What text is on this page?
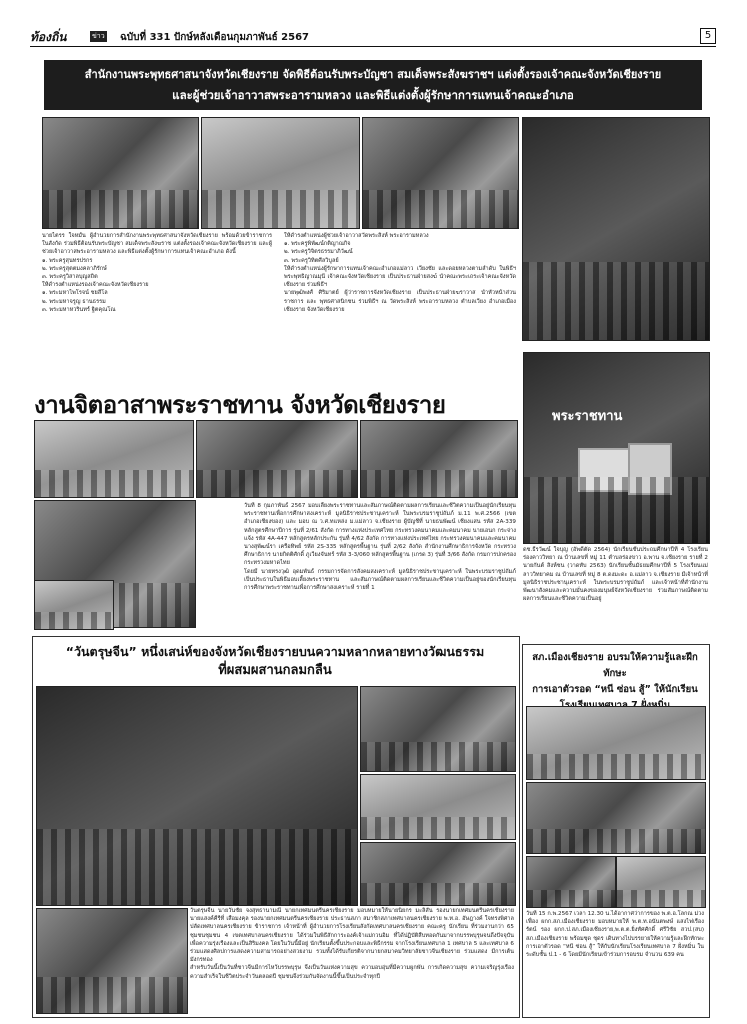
ท้องถิ่น	ข่าว ฉบับที่ 331 ปักษ์หลังเดือนกุมภาพันธ์ 2567	5
สำนักงานพระพุทธศาสนาจังหวัดเชียงราย จัดพิธีต้อนรับพระบัญชา สมเด็จพระสังฆราชฯ แต่งตั้งรองเจ้าคณะจังหวัดเชียงราย
และผู้ช่วยเจ้าอาวาสพระอารามหลวง และพิธีแต่งตั้งผู้รักษาการแทนเจ้าคณะอำเภอ

นายไตรร ใจหมั้น ผู้อำนวยการสำนักงานพระพุทธศาสนาจังหวัดเชียงราย พร้อมด้วยข้าราชการในสังกัด ร่วมพิธีต้อนรับพระบัญชา สมเด็จพระสังฆราช แต่งตั้งรองเจ้าคณะจังหวัดเชียงราย และผู้ช่วยเจ้าอาวาสพระอารามหลวง และพิธีแต่งตั้งผู้รักษาการแทนเจ้าคณะอำเภอ ดังนี้

๑. พระครูสุนทรปรกร
๒. พระครูสุตตมงคลาภิรักษ์
๓. พระครูวิสาลบุญสถิต

ให้ดำรงตำแหน่งรองเจ้าคณะจังหวัดเชียงราย

๑. พระมหาไพโรจน์ ชยสีโล
๒. พระมหาจรูญ ธานธรรม
๓. พระมหาหวรินทร์ ฐิตคุณโณ

ให้ดำรงตำแหน่งผู้ช่วยเจ้าอาวาสวัดพระสิงห์ พระอารามหลวง

๑. พระครูพิพัฒน์กติญาณกิจ
๒. พระครูวิจิตรธรรมาภิวัฒน์
๓. พระครูวิทิตศีลวิบูลย์

ให้ดำรงตำแหน่งผู้รักษาการแทนเจ้าคณะอำเภอแม่ลาว เวียงชัย และดอยหลวงตามลำดับ ในพิธีฯ พระพุทธิญาณมุนี เจ้าคณะจังหวัดเชียงราย เป็นประธานฝ่ายสงฆ์ นำคณะพระเถระเจ้าคณะจังหวัดเชียงราย ร่วมพิธีฯ

นายพุฒิพงศ์ ศิริมาตย์ ผู้ว่าราชการจังหวัดเชียงราย เป็นประธานฝ่ายฆราวาส นำหัวหน้าส่วนราชการ และ พุทธศาสนิกชน ร่วมพิธีฯ ณ วัดพระสิงห์ พระอารามหลวง ตำบลเวียง อำเภอเมืองเชียงราย จังหวัดเชียงราย

งานจิตอาสาพระราชทาน จังหวัดเชียงราย	พระราชทาน

วันที่ 8 กุมภาพันธ์ 2567 มอบเลี้ยงพระราชทานและสัมภาษณ์ติดตามผลการเรียนและชีวิตความเป็นอยู่นักเรียนทุนพระราชทานเพื่อการศึกษาสงเคราะห์ มูลนิธิราชประชานุเคราะห์ ในพระบรมราชูปถัมภ์ ม.11 พ.ศ.2566 (เขตอำเภอเชียงของ) และ มอบ ณ ว.ศ.ทแหล่ง ม.แม่ลาว จ.เชียงราย ผู้บัญชีที่ นายธนพัฒน์ เชียงแสน รหัส 2A-339 หลักสูตรศึกษาปีการ รุ่นที่ 2/61 สังกัด การทางแห่งประเทศไทย กระทรวงคมนาคมและคมนาคม นายเอนก กระจ่างแจ้ง รหัส 4A-447 หลักสูตรหลักประกัน รุ่นที่ 4/62 สังกัด การทางแห่งประเทศไทย กระทรวงคมนาคมและคมนาคม นางสุพัฒน์รา เครือทิพย์ รหัส 2S-335 หลักสูตรพื้นฐาน รุ่นที่ 2/62 สังกัด สำนักงานศึกษาธิการจังหวัด กระทรวงศึกษาธิการ นายกิตติศักดิ์ ภูเวียงจันทร์ รหัส 3-3/060 หลักสูตรพื้นฐาน (เกรด 3) รุ่นที่ 3/66 สังกัด กรมการปกครอง กระทรวงมหาดไทย

โดยมี นายทรงวุฒิ อุดมพันธ์ กรรมการจัดการสังคมสงเคราะห์ มูลนิธิราชประชานุเคราะห์ ในพระบรมราชูปถัมภ์ เป็นประธานในพิธีมอบเลี้ยงพระราชทาน และสัมภาษณ์ติดตามผลการเรียนและชีวิตความเป็นอยู่ของนักเรียนทุนการศึกษาพระราชทานเพื่อการศึกษาสงเคราะห์ รายที่ 1

ดช.ธีรวัฒน์ ใจบุญ (อัพดีตัด 2564) นักเรียนชั้นประถมศึกษาปีที่ 4 โรงเรียนร่องคาววิทยา ณ บ้านเลขที่ หมู่ 11 ตำบลร่องขาว อ.พาน จ.เชียงราย รายที่ 2 นายกันต์ สิงห์ชน (วาดทับ 2563) นักเรียนชั้นมัธยมศึกษาปีที่ 5 โรงเรียนแม่ลาววิทยาคม ณ บ้านเลขที่ หมู่ 8 ต.ดงมะดะ อ.แม่ลาว จ.เชียงราย มีเจ้าหน้าที่มูลนิธิราชประชานุเคราะห์ ในพระบรมราชูปถัมภ์ และเจ้าหน้าที่สำนักงานพัฒนาสังคมและความมั่นคงของมนุษย์จังหวัดเชียงราย ร่วมสัมภาษณ์ติดตามผลการเรียนและชีวิตความเป็นอยู่

“วันตรุษจีน” หนึ่งเสน่ห์ของจังหวัดเชียงรายบนความหลากหลายทางวัฒนธรรม
ที่ผสมผสานกลมกลืน

วันตรุษจีน นายวันชัย จงสุทธานามณี นายกเทศมนตรีนครเชียงราย มอบหมายให้นายนิยกร มะลิสัน รองนายกเทศมนตรีนครเชียงราย นายแสงค์คีรีที่ เสือมงคุล รองนายกเทศมนตรีนครเชียงราย ประธานสภา สมาชิกสภาเทศบาลนครเชียงราย พ.ท.อ. อัษฎางค์ ใจทรงพิศาล ปลัดเทศบาลนครเชียงราย ข้าราชการ เจ้าหน้าที่ ผู้อำนวยการโรงเรียนสังกัดเทศบาลนครเชียงราย คณะครู นักเรียน ที่ร่วมงานกว่า 65 ชุมชนชุมชน 4 เขตเทศบาลนครเชียงราย ได้ร่วมในพิธีสักการะองค์เจ้าแม่กวนอิม ที่ได้ปฏิบัติสืบทอดกันมาจากบรรพบุรุษจนถึงปัจจุบัน เพื่อความรุ่งเรืองและเป็นสิริมงคล โดยในวันนี้มีอยู่ นักเรียนตั้งขึ้นประกอบและพิธีกรรม จากโรงเรียนเทศบาล 1 เทศบาล 5 และเทศบาล 6 ร่วมแสดงศิลปการแสดงความสามารถอย่างสวยงาม รวมทั้งได้รับเกียรติจากนายกสมาคมวิทยาลัยชาวจีนเชียงราย ร่วมแสดง มีการเต้น มังกรทอง

สำหรับวันนี้เป็นวันที่ชาวจีนมีการไหว้บรรพบุรุษ จึงเป็นวันแห่งความสุข ความอบอุ่นที่มีความผูกพัน การเกิดความสุข ความเจริญรุ่งเรือง ความสำเร็จในชีวิตประจำวันตลอดปี ชุมชนจึงร่วมกันจัดงานนี้ขึ้นเป็นประจำทุกปี

สภ.เมืองเชียงราย อบรมให้ความรู้และฝึกทักษะ
การเอาตัวรอด “หนี ซ่อน สู้” ให้นักเรียน

วันที่ 15 ก.พ.2567 เวลา 12.30 น.ได้อากาศว่าการของ พ.ต.อ.โลกณ ม่วงเฟื่อง ผกก.สภ.เมืองเชียงราย มอบหมายให้ พ.ต.ท.อนันตพงษ์ แสงไฟเรืองรัตน์ รอง ผกก.ป.สภ.เมืองเชียงราย,พ.ต.ต.ยิ่งทัศศักดิ์ ศรีวิชัย สวป.(สบ) สภ.เมืองเชียงราย พร้อมชุด ชุดร เดินทางไปบรรยายให้ความรู้และฝึกทักษะการเอาตัวรอด “หนี ซ่อน สู้” ให้กับนักเรียนโรงเรียนเทศบาล 7 ฝั่งหมิ่น ในระดับชั้น ป.1 - 6 โดยมีนักเรียนเข้าร่วมการอบรม จำนวน 639 คน
